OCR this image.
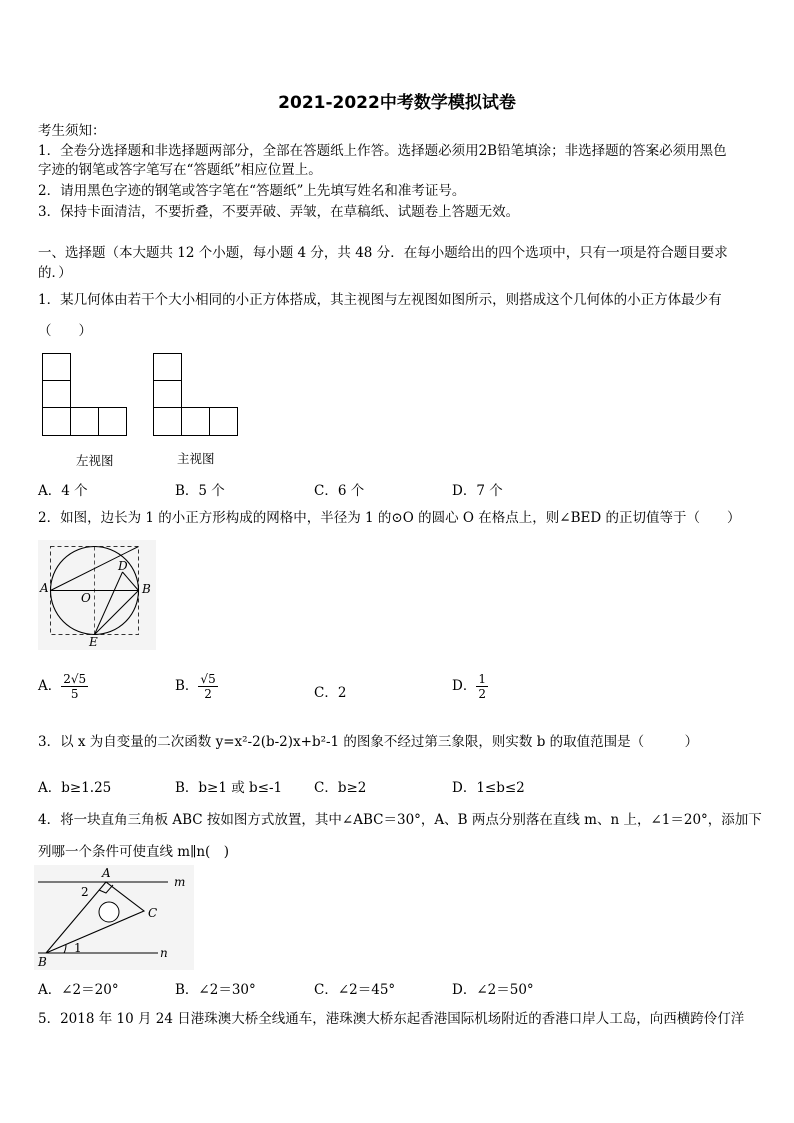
2021-2022中考数学模拟试卷
考生须知：
1．全卷分选择题和非选择题两部分，全部在答题纸上作答。选择题必须用2B铅笔填涂；非选择题的答案必须用黑色
字迹的钢笔或答字笔写在“答题纸”相应位置上。
2．请用黑色字迹的钢笔或答字笔在“答题纸”上先填写姓名和准考证号。
3．保持卡面清洁，不要折叠，不要弄破、弄皱，在草稿纸、试题卷上答题无效。
一、选择题（本大题共 12 个小题，每小题 4 分，共 48 分．在每小题给出的四个选项中，只有一项是符合题目要求
的．）
1．某几何体由若干个大小相同的小正方体搭成，其主视图与左视图如图所示，则搭成这个几何体的小正方体最少有
（　　）
左视图	主视图
A．4 个	B．5 个	C．6 个	D．7 个
2．如图，边长为 1 的小正方形构成的网格中，半径为 1 的⊙O 的圆心 O 在格点上，则∠BED 的正切值等于（　　）
A	B
D
O
E
A． $\frac{2√5}{5}$	B． $\frac{√5}{2}$	C．2	D． $\frac{1}{2}$
3．以 x 为自变量的二次函数 y=x²-2(b-2)x+b²-1 的图象不经过第三象限，则实数 b 的取值范围是（　　　）
A．b≥1.25	B．b≥1 或 b≤-1 C．b≥2	D．1≤b≤2
4．将一块直角三角板 ABC 按如图方式放置，其中∠ABC＝30°，A、B 两点分别落在直线 m、n 上，∠1＝20°，添加下
列哪一个条件可使直线 m∥n(　)
A
B
C
m
n
1
2
A．∠2＝20°	B．∠2＝30°	C．∠2＝45°	D．∠2＝50°
5．2018 年 10 月 24 日港珠澳大桥全线通车，港珠澳大桥东起香港国际机场附近的香港口岸人工岛，向西横跨伶仃洋
